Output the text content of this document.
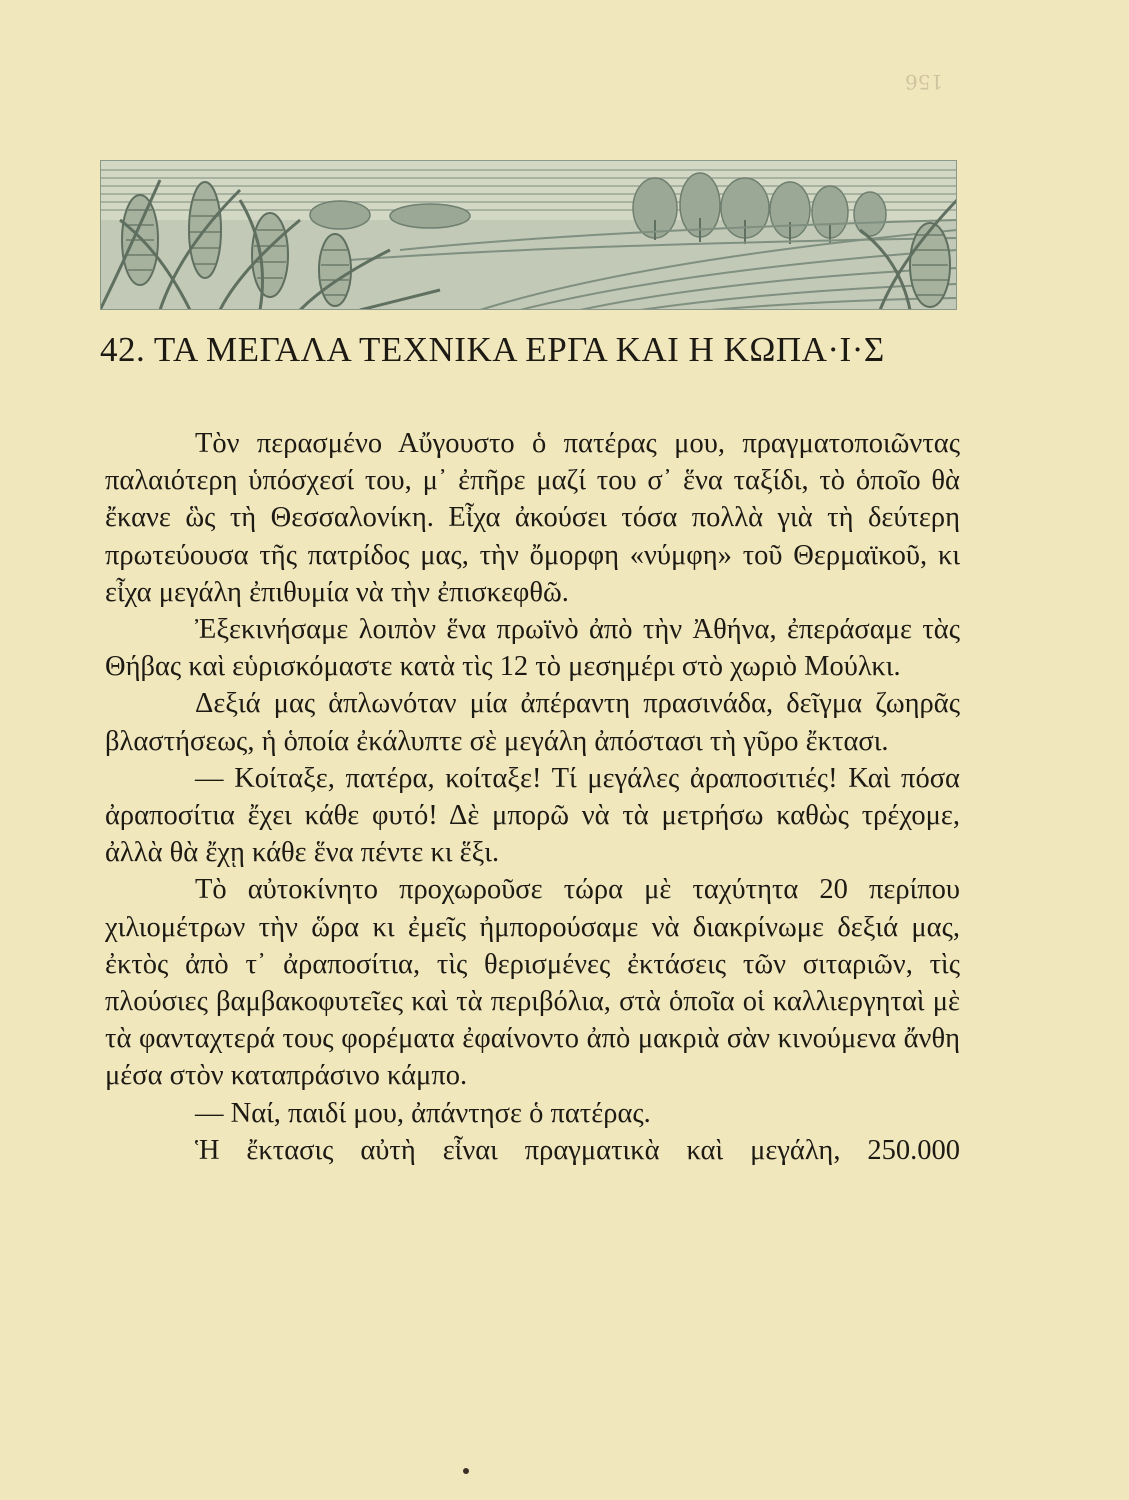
156
42. ΤΑ ΜΕΓΑΛΑ ΤΕΧΝΙΚΑ ΕΡΓΑ ΚΑΙ Η ΚΩΠΑ·Ι·Σ

Τὸν περασμένο Αὔγουστο ὁ πατέρας μου, πραγματοποιῶντας παλαιότερη ὑπόσχεσί του, μ᾽ ἐπῆρε μαζί του σ᾽ ἕνα ταξίδι, τὸ ὁποῖο θὰ ἔκανε ὣς τὴ Θεσσαλονίκη. Εἶχα ἀκούσει τόσα πολλὰ γιὰ τὴ δεύτερη πρωτεύουσα τῆς πατρίδος μας, τὴν ὄμορφη «νύμφη» τοῦ Θερμαϊκοῦ, κι εἶχα μεγάλη ἐπιθυμία νὰ τὴν ἐπισκεφθῶ.

Ἐξεκινήσαμε λοιπὸν ἕνα πρωϊνὸ ἀπὸ τὴν Ἀθήνα, ἐπεράσαμε τὰς Θήβας καὶ εὑρισκόμαστε κατὰ τὶς 12 τὸ μεσημέρι στὸ χωριὸ Μούλκι.

Δεξιά μας ἁπλωνόταν μία ἀπέραντη πρασινάδα, δεῖγμα ζωηρᾶς βλαστήσεως, ἡ ὁποία ἐκάλυπτε σὲ μεγάλη ἀπόστασι τὴ γῦρο ἔκτασι.

— Κοίταξε, πατέρα, κοίταξε! Τί μεγάλες ἀραποσιτιές! Καὶ πόσα ἀραποσίτια ἔχει κάθε φυτό! Δὲ μπορῶ νὰ τὰ μετρήσω καθὼς τρέχομε, ἀλλὰ θὰ ἔχῃ κάθε ἕνα πέντε κι ἕξι.

Τὸ αὐτοκίνητο προχωροῦσε τώρα μὲ ταχύτητα 20 περίπου χιλιομέτρων τὴν ὥρα κι ἐμεῖς ἠμπορούσαμε νὰ διακρίνωμε δεξιά μας, ἐκτὸς ἀπὸ τ᾽ ἀραποσίτια, τὶς θερισμένες ἐκτάσεις τῶν σιταριῶν, τὶς πλούσιες βαμβακοφυτεῖες καὶ τὰ περιβόλια, στὰ ὁποῖα οἱ καλλιεργηταὶ μὲ τὰ φανταχτερά τους φορέματα ἐφαίνοντο ἀπὸ μακριὰ σὰν κινούμενα ἄνθη μέσα στὸν καταπράσινο κάμπο.

— Ναί, παιδί μου, ἀπάντησε ὁ πατέρας.

Ἡ ἔκτασις αὐτὴ εἶναι πραγματικὰ καὶ μεγάλη, 250.000
